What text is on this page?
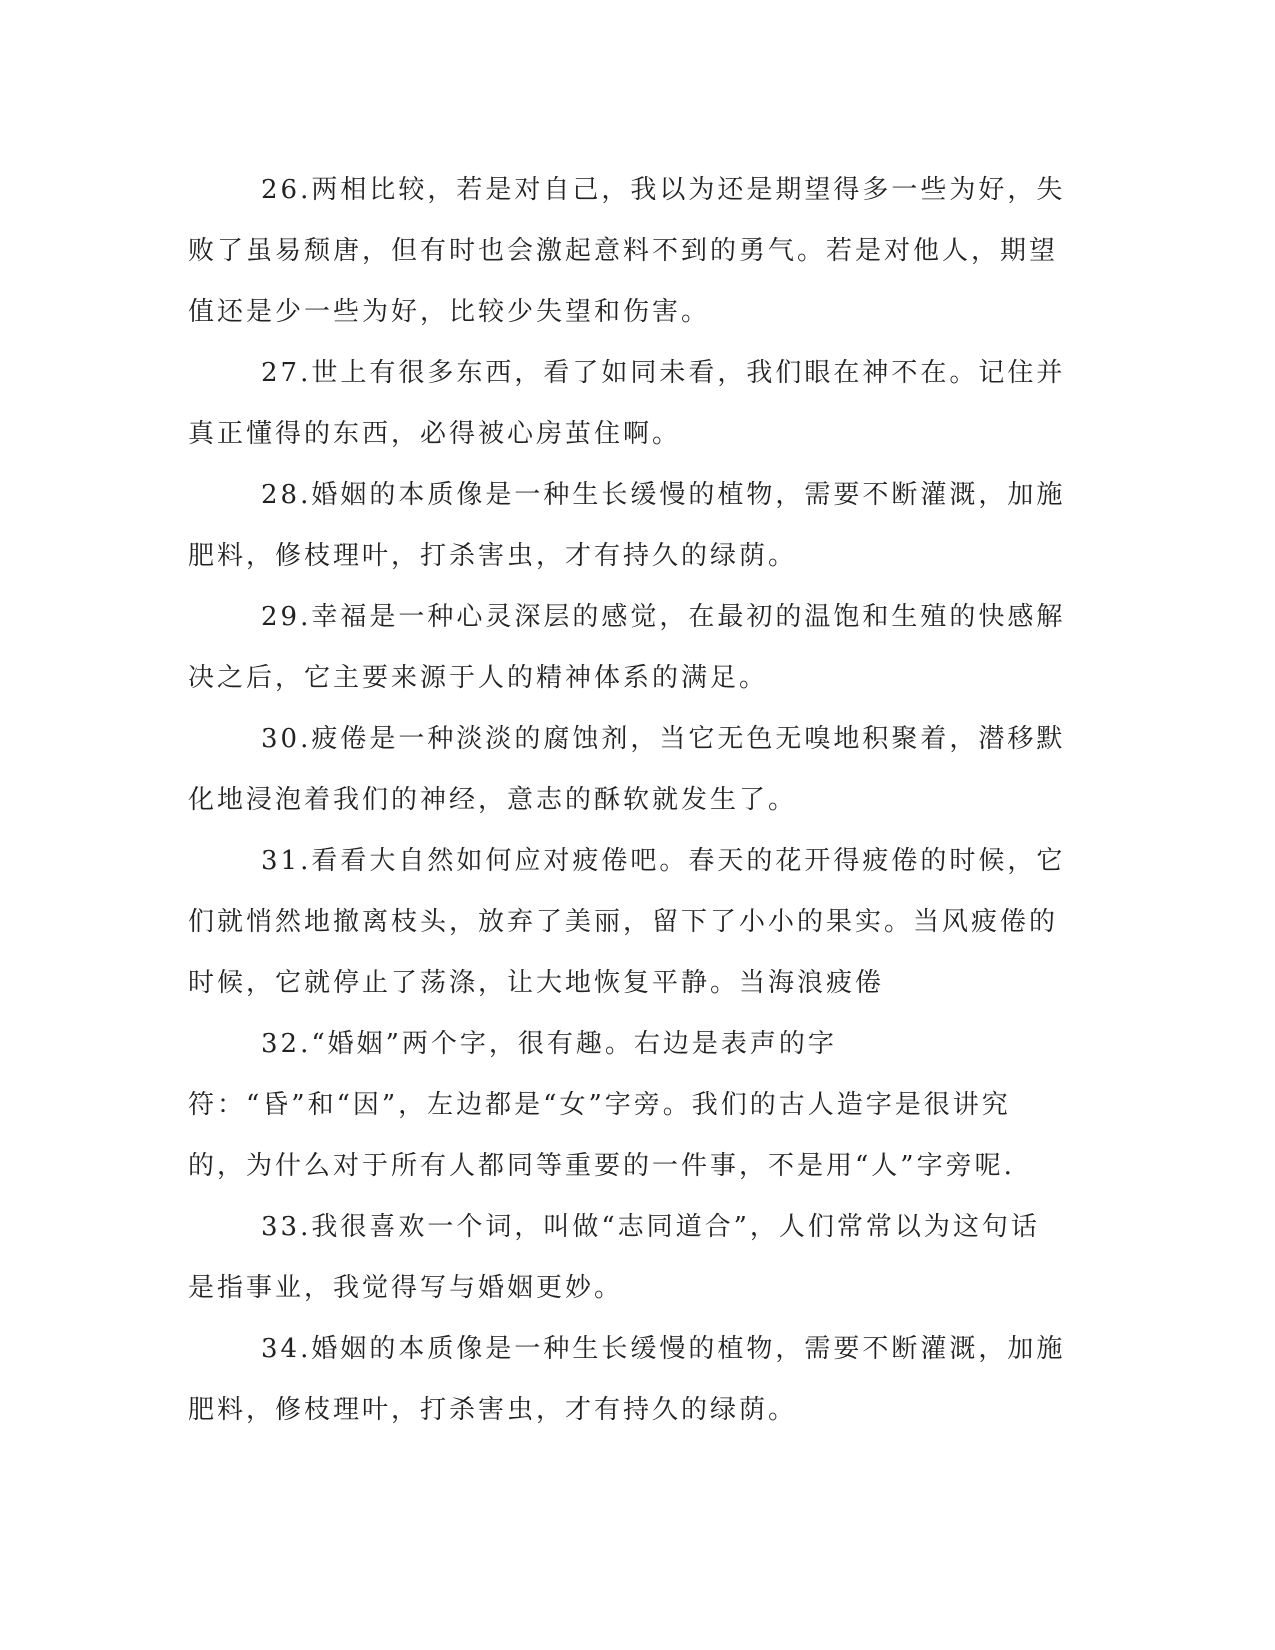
26.两相比较，若是对自己，我以为还是期望得多一些为好，失败了虽易颓唐，但有时也会激起意料不到的勇气。若是对他人，期望值还是少一些为好，比较少失望和伤害。

27.世上有很多东西，看了如同未看，我们眼在神不在。记住并真正懂得的东西，必得被心房茧住啊。

28.婚姻的本质像是一种生长缓慢的植物，需要不断灌溉，加施肥料，修枝理叶，打杀害虫，才有持久的绿荫。

29.幸福是一种心灵深层的感觉，在最初的温饱和生殖的快感解决之后，它主要来源于人的精神体系的满足。

30.疲倦是一种淡淡的腐蚀剂，当它无色无嗅地积聚着，潜移默化地浸泡着我们的神经，意志的酥软就发生了。

31.看看大自然如何应对疲倦吧。春天的花开得疲倦的时候，它们就悄然地撤离枝头，放弃了美丽，留下了小小的果实。当风疲倦的时候，它就停止了荡涤，让大地恢复平静。当海浪疲倦

32.“婚姻”两个字，很有趣。右边是表声的字符：“昏”和“因”，左边都是“女”字旁。我们的古人造字是很讲究的，为什么对于所有人都同等重要的一件事，不是用“人”字旁呢.

33.我很喜欢一个词，叫做“志同道合”，人们常常以为这句话是指事业，我觉得写与婚姻更妙。

34.婚姻的本质像是一种生长缓慢的植物，需要不断灌溉，加施肥料，修枝理叶，打杀害虫，才有持久的绿荫。
